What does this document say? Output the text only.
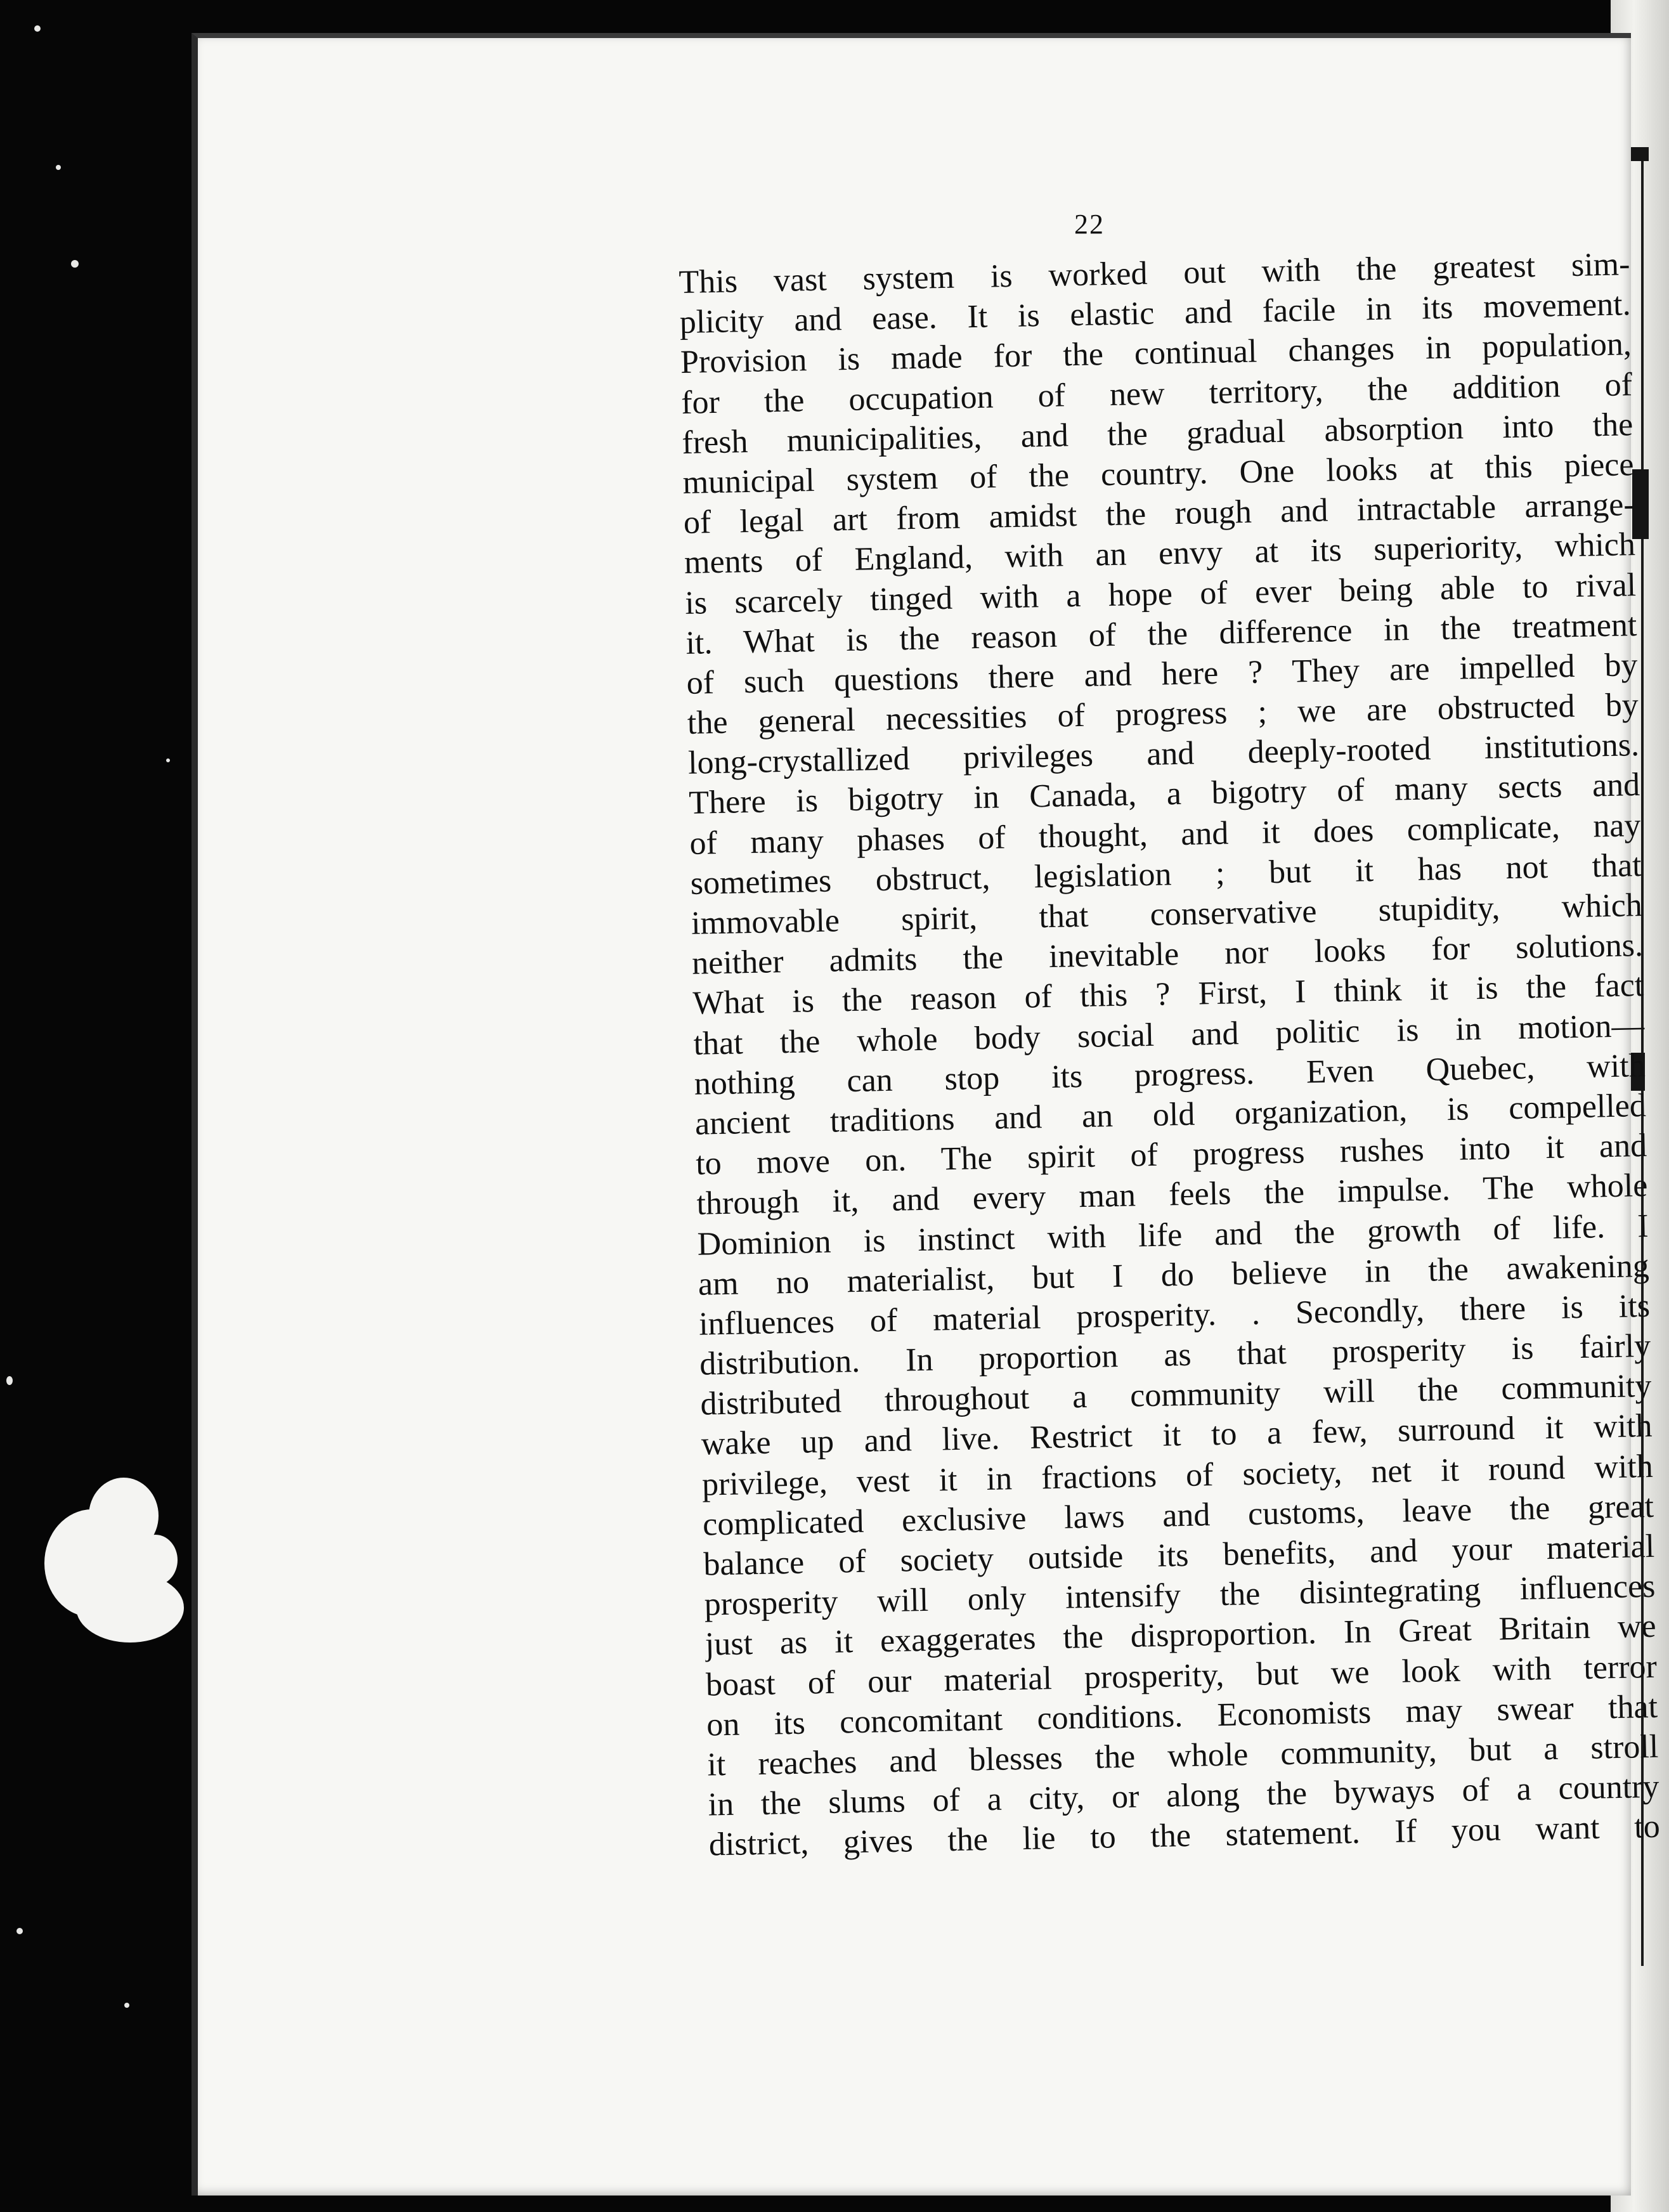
22
This vast system is worked out with the greatest sim-
plicity and ease. It is elastic and facile in its movement.
Provision is made for the continual changes in population,
for the occupation of new territory, the addition of
fresh municipalities, and the gradual absorption into the
municipal system of the country. One looks at this piece
of legal art from amidst the rough and intractable arrange-
ments of England, with an envy at its superiority, which
is scarcely tinged with a hope of ever being able to rival
it. What is the reason of the difference in the treatment
of such questions there and here ? They are impelled by
the general necessities of progress ; we are obstructed by
long-crystallized privileges and deeply-rooted institutions.
There is bigotry in Canada, a bigotry of many sects and
of many phases of thought, and it does complicate, nay
sometimes obstruct, legislation ; but it has not that
immovable spirit, that conservative stupidity, which
neither admits the inevitable nor looks for solutions.
What is the reason of this ? First, I think it is the fact
that the whole body social and politic is in motion—
nothing can stop its progress. Even Quebec, with
ancient traditions and an old organization, is compelled
to move on. The spirit of progress rushes into it and
through it, and every man feels the impulse. The whole
Dominion is instinct with life and the growth of life. I
am no materialist, but I do believe in the awakening
influences of material prosperity. . Secondly, there is its
distribution. In proportion as that prosperity is fairly
distributed throughout a community will the community
wake up and live. Restrict it to a few, surround it with
privilege, vest it in fractions of society, net it round with
complicated exclusive laws and customs, leave the great
balance of society outside its benefits, and your material
prosperity will only intensify the disintegrating influences
just as it exaggerates the disproportion. In Great Britain we
boast of our material prosperity, but we look with terror
on its concomitant conditions. Economists may swear that
it reaches and blesses the whole community, but a stroll
in the slums of a city, or along the byways of a country
district, gives the lie to the statement. If you want to
